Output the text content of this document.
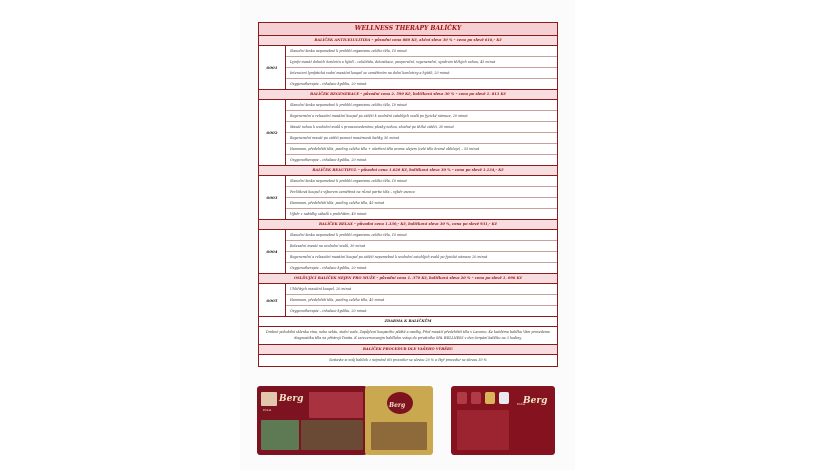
WELLNESS THERAPY BALÍČKY
BALÍČEK ANTICELULITIDA – původní cena 880 Kč, akční sleva 30 % – cena po slevě 616,- Kč
6001
Slanoční šeska nepomebné k prohlítí organismu celého těla, 10 minut
Lymfo-masáž dolních končetin a hýždí – celulitida, detoxikace, pooperační, regenerační, syndrom těžkých nohou, 45 minut
Intenzivní lymfatická vodní masážní koupel se zaměřením na dolní končetiny a hýždě, 20 minut
Oxygenotherapie – inhalace kyslíku, 20 minut
BALÍČEK REGENERACE – původní cena 2. 590 Kč, balíčková sleva 30 % – cena po slevě 1. 813 Kč
6002
Slanoční šeska nepomebné k prohlítí organismu celého těla, 10 minut
Regenerační a relaxační masážní koupel po zátěží k uvolnění zatuhlých svalů po fyzické námaze, 20 minut
Masáž nohou k uvolnění svalů s provazovedenímu plosky nohou, shodné po těžké zátěži, 30 minut
Regenerační masáž po zátěži pomocí masérnosti baňky, 50 minut
Hammam, předehřátí těla, peeling celého těla + ošetření těla aroma olejem (celé tělo kromě obličeje) – 55 minut
Oxygenotherapie – inhalace kyslíku, 20 minut
BALÍČEK BEAUTIFUL – původní cena 1.620 Kč, balíčková sleva 30 % – cena po slevě 1.134,- Kč
6003
Slanoční šeska nepomebné k prohlítí organismu celého těla, 10 minut
Perličková koupel s výborem zaměřená na různé partie těla – výběr esence
Hammam, předehřátí těla, peeling celého těla, 45 minut
Výběr z nabídky zábalů s prohřátím, 40 minut
BALÍČEK RELAX – původní cena 1.330,- Kč, balíčková sleva 30 %, cena po slevě 931,- Kč
6004
Slanoční šeska nepomebné k prohlítí organismu celého těla, 10 minut
Relaxační masáž na uvolnění svalů, 30 minut
Regenerační a relaxační masážní koupel po zátěží nepomebné k uvolnění zatuhlých svalů po fyzické námaze 20 minut
Oxygenotherapie – inhalace kyslíku, 20 minut
OSLĎUJÍCÍ BALÍČEK NEJEN PRO MUŽE – původní cena 1. 370 Kč, balíčková sleva 20 % – cena po slevě 1. 096 Kč
6005
Uhličitých masážní koupel, 20 minut
Hammam, předehřátí těla, peeling celého těla, 45 minut
Oxygenotherapie – inhalace kyslíku, 20 minut
ZDARMA K BALÍČKŮM
Drobné pohobilní sklenka vína, nebo sektu, stolní voda. Zapůjčení koupacího pláště a osušky. Před masáží předehřátí těla v Laconiu. Ke každému balíčku Vám provedeme diagnostiku těla na přístroji Tanita. K zarezervovaným balíčkům vstup do privátního SPA WELLNESS v den čerpání balíčku na 3 hodiny.
BALÍČEK PROCEDUR DLE VAŠEHO VÝBĚRU
Sestavte si svůj balíček z nejméně 6ti procedur se slevou 20 % a čtyř procedur se slevou 30 %
Hotel
Berg
Berg	Hotel
Berg
